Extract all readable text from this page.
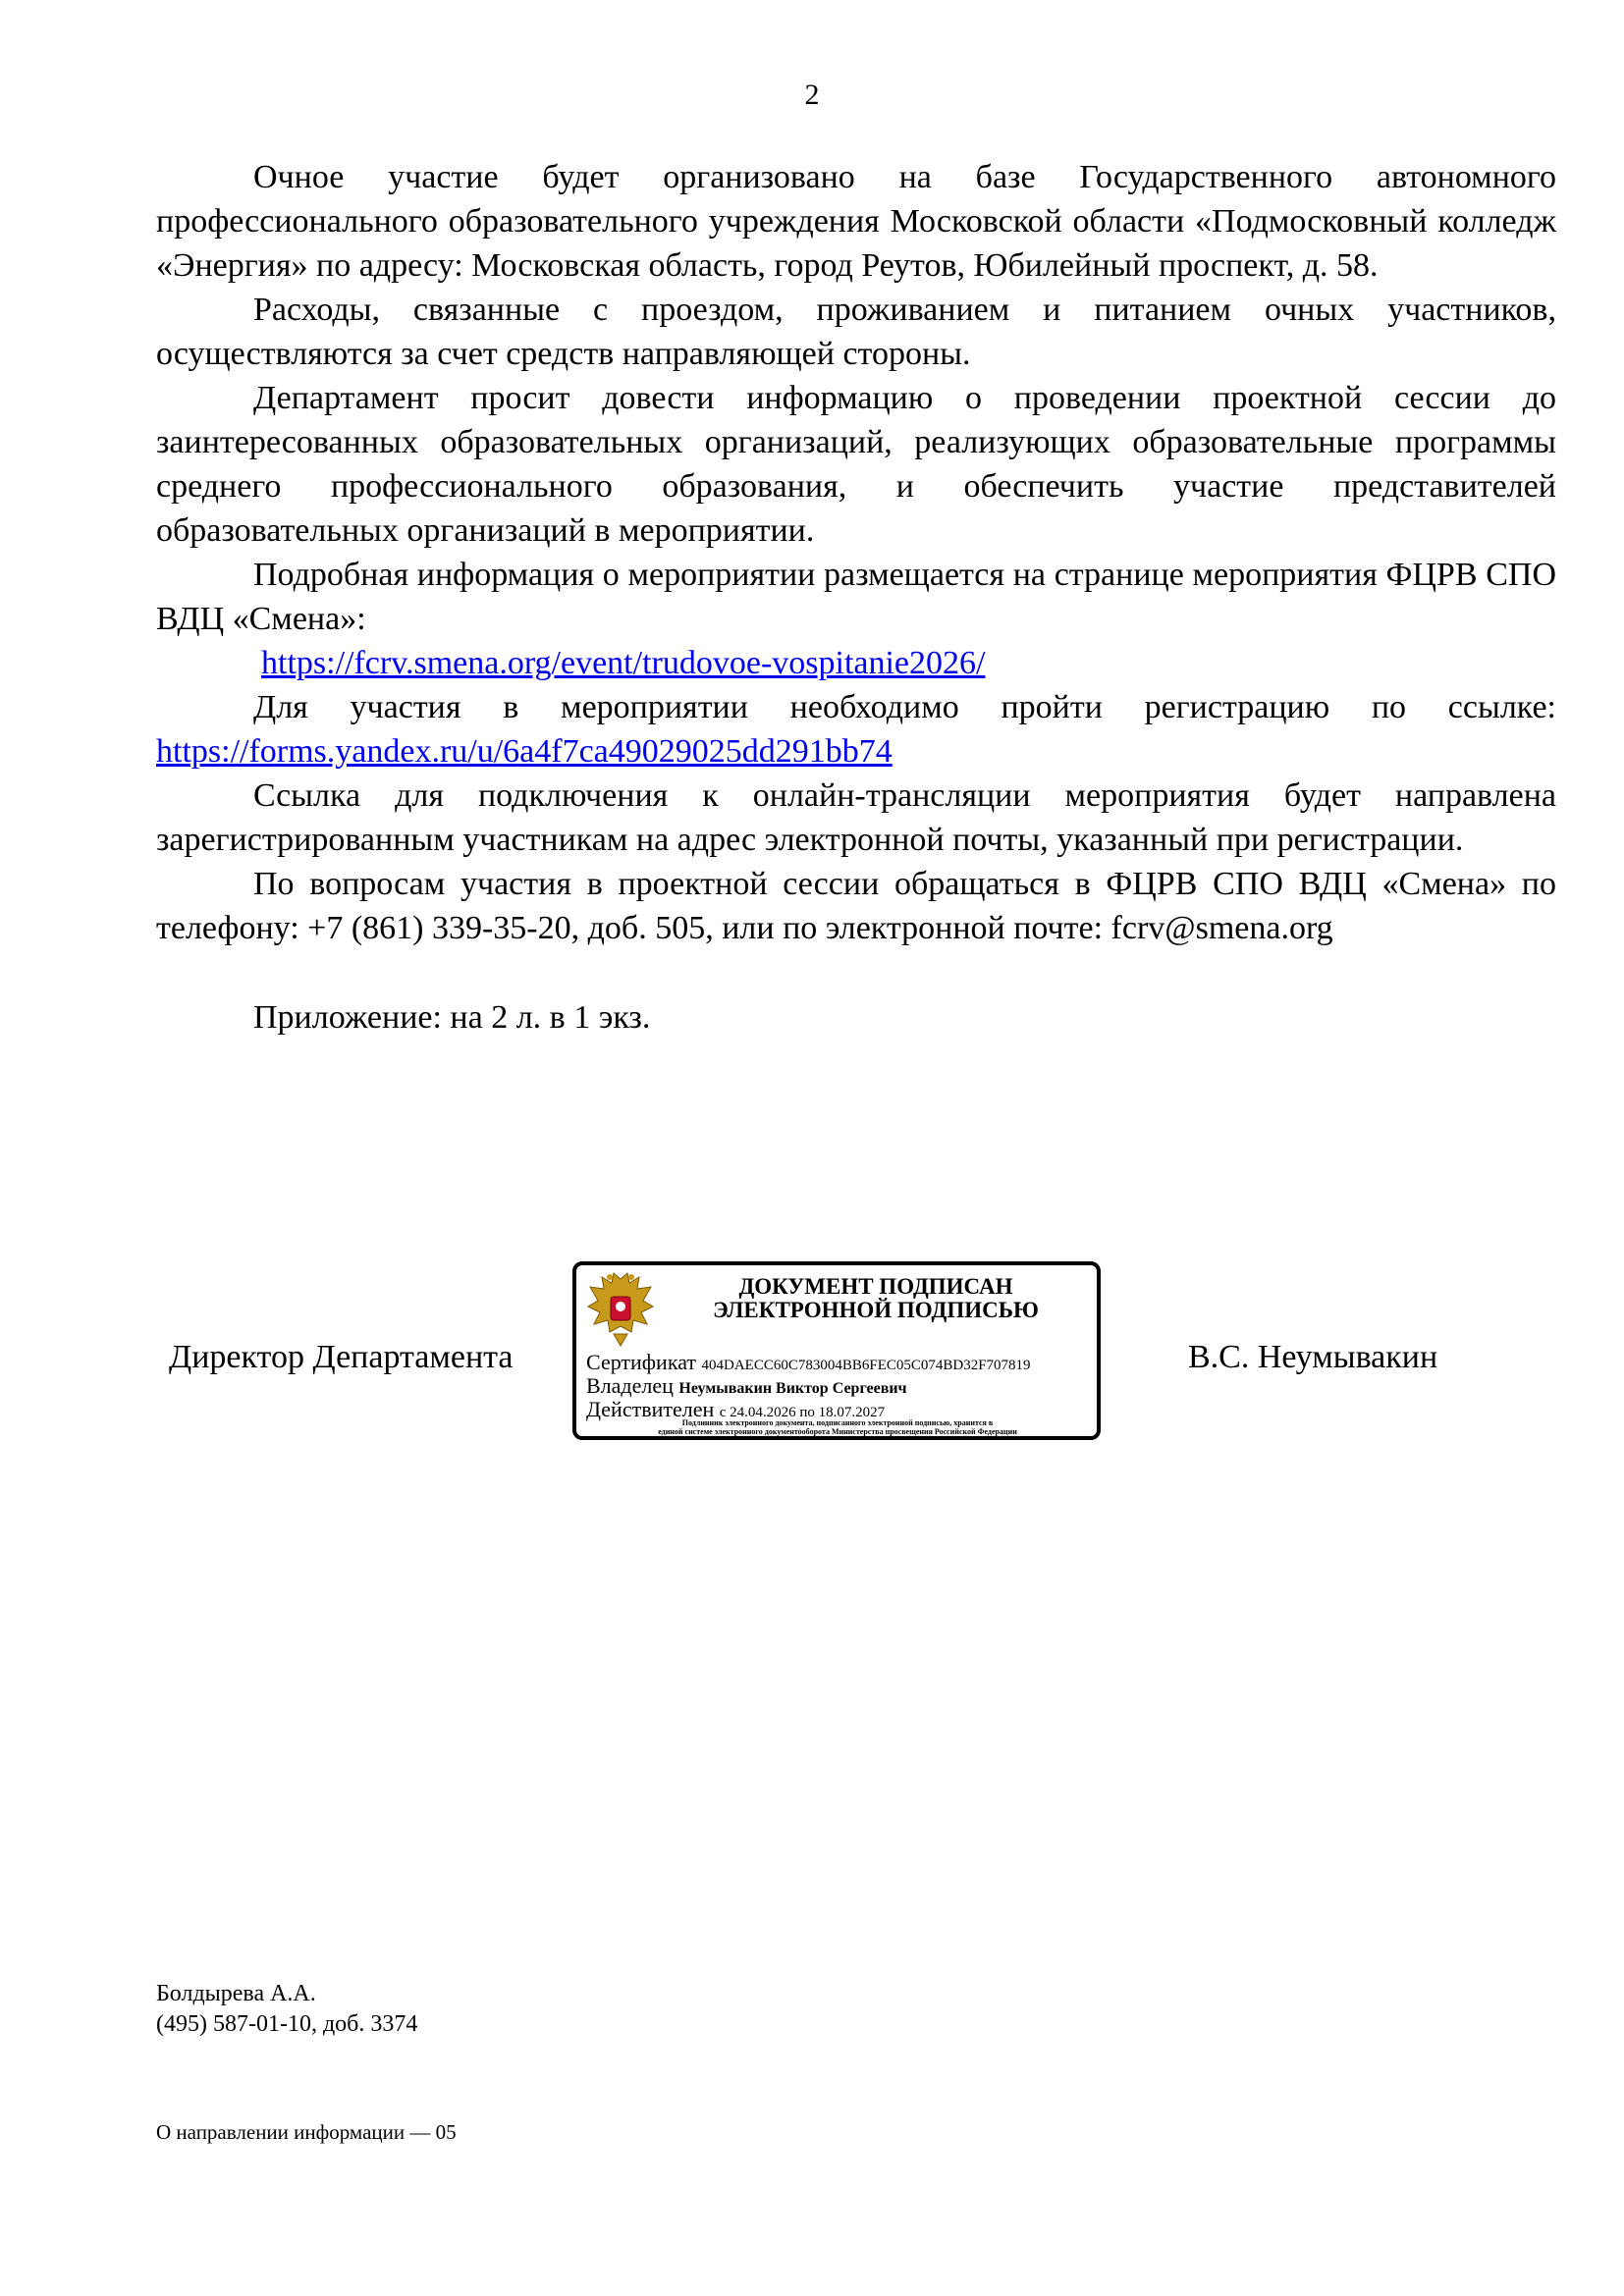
2

Очное участие будет организовано на базе Государственного автономного профессионального образовательного учреждения Московской области «Подмосковный колледж «Энергия» по адресу: Московская область, город Реутов, Юбилейный проспект, д. 58.

Расходы, связанные с проездом, проживанием и питанием очных участников, осуществляются за счет средств направляющей стороны.

Департамент просит довести информацию о проведении проектной сессии до заинтересованных образовательных организаций, реализующих образовательные программы среднего профессионального образования, и обеспечить участие представителей образовательных организаций в мероприятии.

Подробная информация о мероприятии размещается на странице мероприятия ФЦРВ СПО ВДЦ «Смена»:

https://fcrv.smena.org/event/trudovoe-vospitanie2026/

Для участия в мероприятии необходимо пройти регистрацию по ссылке: https://forms.yandex.ru/u/6a4f7ca49029025dd291bb74

Ссылка для подключения к онлайн-трансляции мероприятия будет направлена зарегистрированным участникам на адрес электронной почты, указанный при регистрации.

По вопросам участия в проектной сессии обращаться в ФЦРВ СПО ВДЦ «Смена» по телефону: +7 (861) 339-35-20, доб. 505, или по электронной почте: fcrv@smena.org

Приложение: на 2 л. в 1 экз.

Директор Департамента
ДОКУМЕНТ ПОДПИСАН
ЭЛЕКТРОННОЙ ПОДПИСЬЮ
Сертификат 404DAECC60C783004BB6FEC05C074BD32F707819
Владелец Неумывакин Виктор Сергеевич
Действителен с 24.04.2026 по 18.07.2027
Подлинник электронного документа, подписанного электронной подписью, хранится в
единой системе электронного документооборота Министерства просвещения Российской Федерации
В.С. Неумывакин
Болдырева А.А.
(495) 587-01-10, доб. 3374
О направлении информации — 05
